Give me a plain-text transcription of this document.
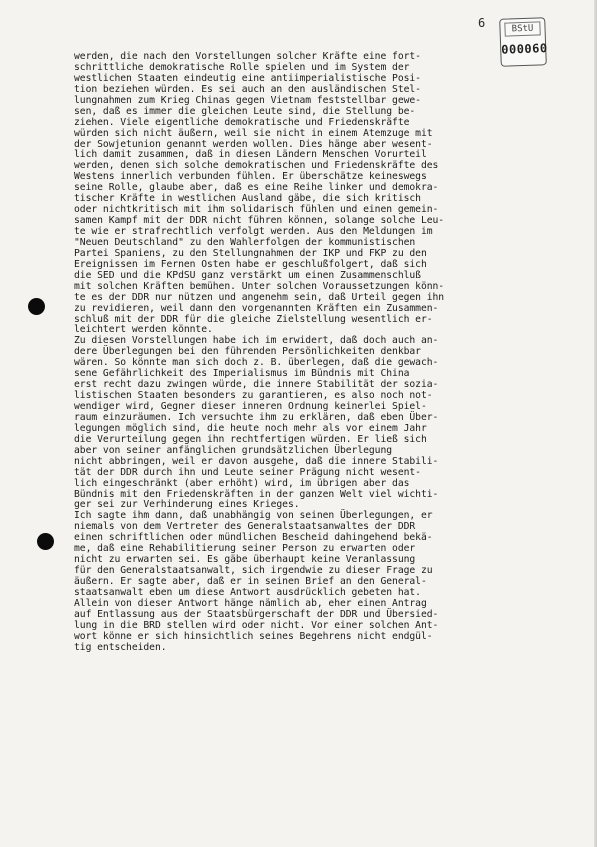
6	BStU
000060
werden, die nach den Vorstellungen solcher Kräfte eine fort-
schrittliche demokratische Rolle spielen und im System der
westlichen Staaten eindeutig eine antiimperialistische Posi-
tion beziehen würden. Es sei auch an den ausländischen Stel-
lungnahmen zum Krieg Chinas gegen Vietnam feststellbar gewe-
sen, daß es immer die gleichen Leute sind, die Stellung be-
ziehen. Viele eigentliche demokratische und Friedenskräfte
würden sich nicht äußern, weil sie nicht in einem Atemzuge mit
der Sowjetunion genannt werden wollen. Dies hänge aber wesent-
lich damit zusammen, daß in diesen Ländern Menschen Vorurteil
werden, denen sich solche demokratischen und Friedenskräfte des
Westens innerlich verbunden fühlen. Er überschätze keineswegs
seine Rolle, glaube aber, daß es eine Reihe linker und demokra-
tischer Kräfte in westlichen Ausland gäbe, die sich kritisch
oder nichtkritisch mit ihm solidarisch fühlen und einen gemein-
samen Kampf mit der DDR nicht führen können, solange solche Leu-
te wie er strafrechtlich verfolgt werden. Aus den Meldungen im
"Neuen Deutschland" zu den Wahlerfolgen der kommunistischen
Partei Spaniens, zu den Stellungnahmen der IKP und FKP zu den
Ereignissen im Fernen Osten habe er geschlußfolgert, daß sich
die SED und die KPdSU ganz verstärkt um einen Zusammenschluß
mit solchen Kräften bemühen. Unter solchen Voraussetzungen könn-
te es der DDR nur nützen und angenehm sein, daß Urteil gegen ihn
zu revidieren, weil dann den vorgenannten Kräften ein Zusammen-
schluß mit der DDR für die gleiche Zielstellung wesentlich er-
leichtert werden könnte.
Zu diesen Vorstellungen habe ich im erwidert, daß doch auch an-
dere Überlegungen bei den führenden Persönlichkeiten denkbar
wären. So könnte man sich doch z. B. überlegen, daß die gewach-
sene Gefährlichkeit des Imperialismus im Bündnis mit China
erst recht dazu zwingen würde, die innere Stabilität der sozia-
listischen Staaten besonders zu garantieren, es also noch not-
wendiger wird, Gegner dieser inneren Ordnung keinerlei Spiel-
raum einzuräumen. Ich versuchte ihm zu erklären, daß eben Über-
legungen möglich sind, die heute noch mehr als vor einem Jahr
die Verurteilung gegen ihn rechtfertigen würden. Er ließ sich
aber von seiner anfänglichen grundsätzlichen Überlegung
nicht abbringen, weil er davon ausgehe, daß die innere Stabili-
tät der DDR durch ihn und Leute seiner Prägung nicht wesent-
lich eingeschränkt (aber erhöht) wird, im übrigen aber das
Bündnis mit den Friedenskräften in der ganzen Welt viel wichti-
ger sei zur Verhinderung eines Krieges.
Ich sagte ihm dann, daß unabhängig von seinen Überlegungen, er
niemals von dem Vertreter des Generalstaatsanwaltes der DDR
einen schriftlichen oder mündlichen Bescheid dahingehend bekä-
me, daß eine Rehabilitierung seiner Person zu erwarten oder
nicht zu erwarten sei. Es gäbe überhaupt keine Veranlassung
für den Generalstaatsanwalt, sich irgendwie zu dieser Frage zu
äußern. Er sagte aber, daß er in seinen Brief an den General-
staatsanwalt eben um diese Antwort ausdrücklich gebeten hat.
Allein von dieser Antwort hänge nämlich ab, eher einen Antrag
auf Entlassung aus der Staatsbürgerschaft der DDR und Übersied-
lung in die BRD stellen wird oder nicht. Vor einer solchen Ant-
wort könne er sich hinsichtlich seines Begehrens nicht endgül-
tig entscheiden.
